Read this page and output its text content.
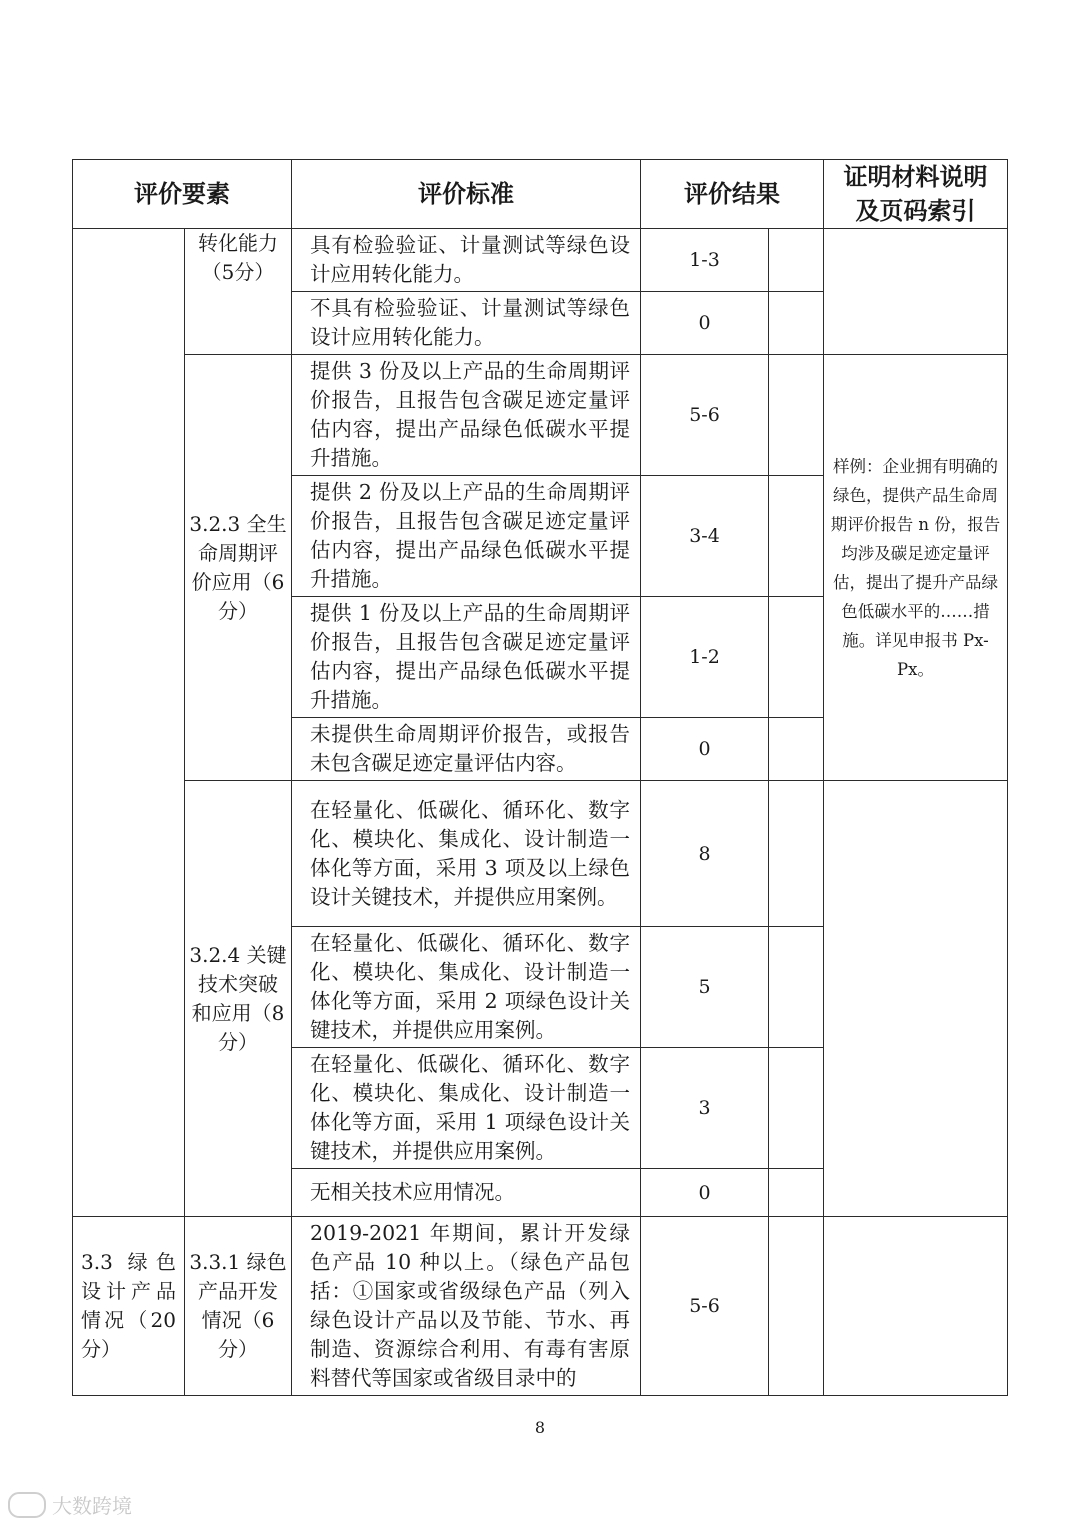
评价要素		评价标准	评价结果		证明材料说明及页码索引
	转化能力（5分）	具有检验验证、计量测试等绿色设计应用转化能力。	1-3		
		不具有检验验证、计量测试等绿色设计应用转化能力。	0		
	3.2.3 全生命周期评价应用（6分）	提供 3 份及以上产品的生命周期评价报告，且报告包含碳足迹定量评估内容，提出产品绿色低碳水平提升措施。	5-6		样例：企业拥有明确的绿色，提供产品生命周期评价报告 n 份，报告均涉及碳足迹定量评估，提出了提升产品绿色低碳水平的……措施。详见申报书 Px-Px。
		提供 2 份及以上产品的生命周期评价报告，且报告包含碳足迹定量评估内容，提出产品绿色低碳水平提升措施。	3-4		
		提供 1 份及以上产品的生命周期评价报告，且报告包含碳足迹定量评估内容，提出产品绿色低碳水平提升措施。	1-2		
		未提供生命周期评价报告，或报告未包含碳足迹定量评估内容。	0		
	3.2.4 关键技术突破和应用（8分）	在轻量化、低碳化、循环化、数字化、模块化、集成化、设计制造一体化等方面，采用 3 项及以上绿色设计关键技术，并提供应用案例。	8		
		在轻量化、低碳化、循环化、数字化、模块化、集成化、设计制造一体化等方面，采用 2 项绿色设计关键技术，并提供应用案例。	5		
		在轻量化、低碳化、循环化、数字化、模块化、集成化、设计制造一体化等方面，采用 1 项绿色设计关键技术，并提供应用案例。	3		
		无相关技术应用情况。	0		
3.3 绿色设计产品情况（20分）	3.3.1 绿色产品开发情况（6分）	2019-2021 年期间，累计开发绿色产品 10 种以上。（绿色产品包括：①国家或省级绿色产品（列入绿色设计产品以及节能、节水、再制造、资源综合利用、有毒有害原料替代等国家或省级目录中的	5-6		
8
大数跨境
